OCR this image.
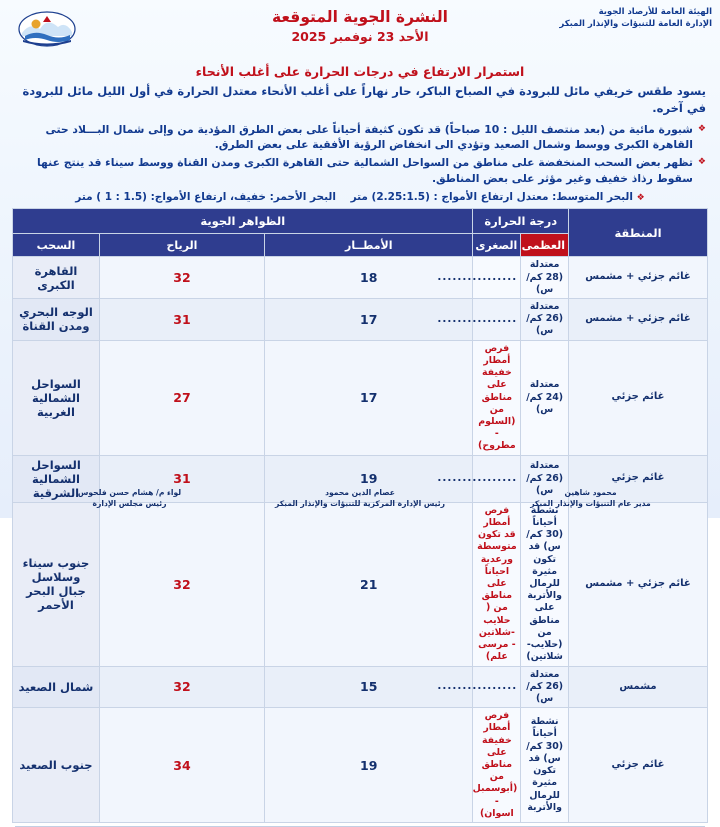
الهيئة العامة للأرصاد الجوية
الإدارة العامة للتنبؤات والإنذار المبكر
النشرة الجوية المتوقعة
الأحد 23 نوفمبر 2025
استمرار الارتفاع في درجات الحرارة على أغلب الأنحاء
يسود طقس خريفي مائل للبرودة في الصباح الباكر، حار نهاراً على أغلب الأنحاء معتدل الحرارة في أول الليل مائل للبرودة في آخره.
❖
شبورة مائية من (بعد منتصف الليل : 10 صباحاً) قد تكون كثيفة أحياناً على بعض الطرق المؤدية من وإلى شمال البـــلاد حتى القاهرة الكبرى ووسط وشمال الصعيد وتؤدي الى انخفاض الرؤية الأفقية على بعض الطرق.
❖
تظهر بعض السحب المنخفضة على مناطق من السواحل الشمالية حتى القاهرة الكبرى ومدن القناة ووسط سيناء قد ينتج عنها سقوط رذاذ خفيف وغير مؤثر على بعض المناطق.
❖ البحر المتوسط: معتدل ارتفاع الأمواج : (2.25:1.5) متر    البحر الأحمر: خفيف، ارتفاع الأمواج: (1.5 : 1 ) متر
المنطقة	درجة الحرارة		الظواهر الجوية		
	العظمى	الصغرى	الأمطــار	الرياح	السحب
غائم جزئي + مشمس	معتدلة (28 كم/س)	................	18	32	القاهرة الكبرى
غائم جزئي + مشمس	معتدلة (26 كم/س)	................	17	31	الوجه البحري ومدن القناة
غائم جزئي	معتدلة (24 كم/س)	فرص أمطار خفيفة على مناطق من (السلوم - مطروح)	17	27	السواحل الشمالية الغربية
غائم جزئي	معتدلة (26 كم/س)	................	19	31	السواحل الشمالية الشرقية
غائم جزئي + مشمس	نشطة أحياناً (30 كم/س) قد تكون مثيرة للرمال والأتربة على مناطق من (حلايب-شلاتين)	فرص أمطار قد تكون متوسطة ورعدية احياناً على مناطق من ( حلايب -شلاتين - مرسى علم)	21	32	جنوب سيناء وسلاسل جبال البحر الأحمر
مشمس	معتدلة (26 كم/س)	................	15	32	شمال الصعيد
غائم جزئي	نشطة أحياناً (30 كم/س) قد تكون مثيرة للرمال والأتربة	فرص أمطار خفيفة على مناطق من (أبوسمبل - اسوان)	19	34	جنوب الصعيد
محمود شاهين
مدير عام التنبؤات والإنذار المبكر
عصام الدين محمود
رئيس الإدارة المركزية للتنبؤات والإنذار المبكر
لواء م/ هشام حسن فلحوس
رئيس مجلس الإدارة
